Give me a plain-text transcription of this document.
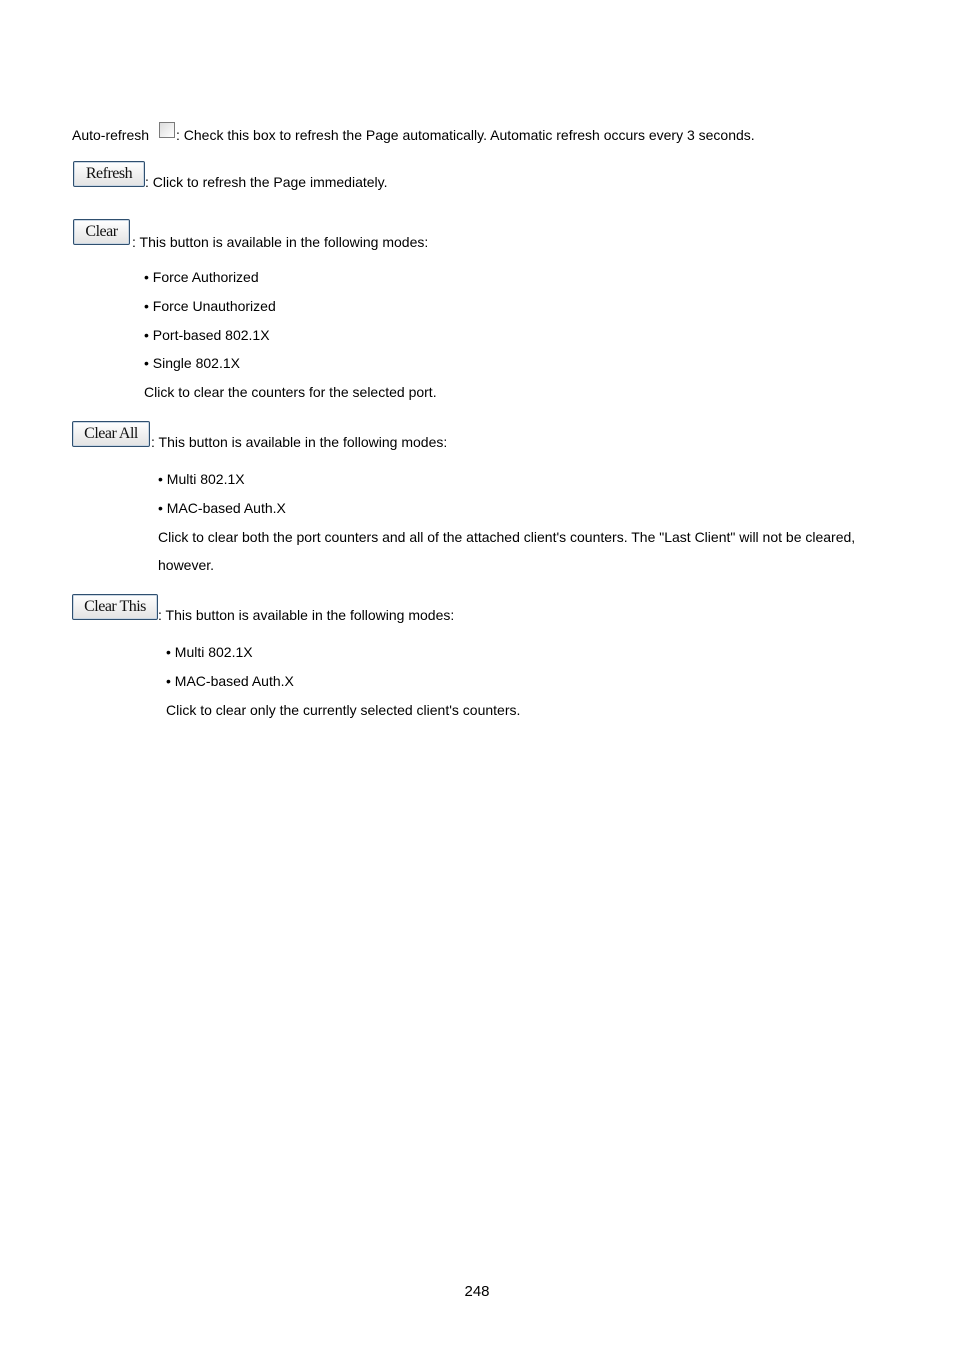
Auto-refresh : Check this box to refresh the Page automatically. Automatic refresh occurs every 3 seconds.
Refresh : Click to refresh the Page immediately.
Clear
: This button is available in the following modes:
• Force Authorized
• Force Unauthorized
• Port-based 802.1X
• Single 802.1X
Click to clear the counters for the selected port.
Clear All : This button is available in the following modes:
• Multi 802.1X
• MAC-based Auth.X
Click to clear both the port counters and all of the attached client's counters. The "Last Client" will not be cleared,
however.
Clear This : This button is available in the following modes:
• Multi 802.1X
• MAC-based Auth.X
Click to clear only the currently selected client's counters.
248
